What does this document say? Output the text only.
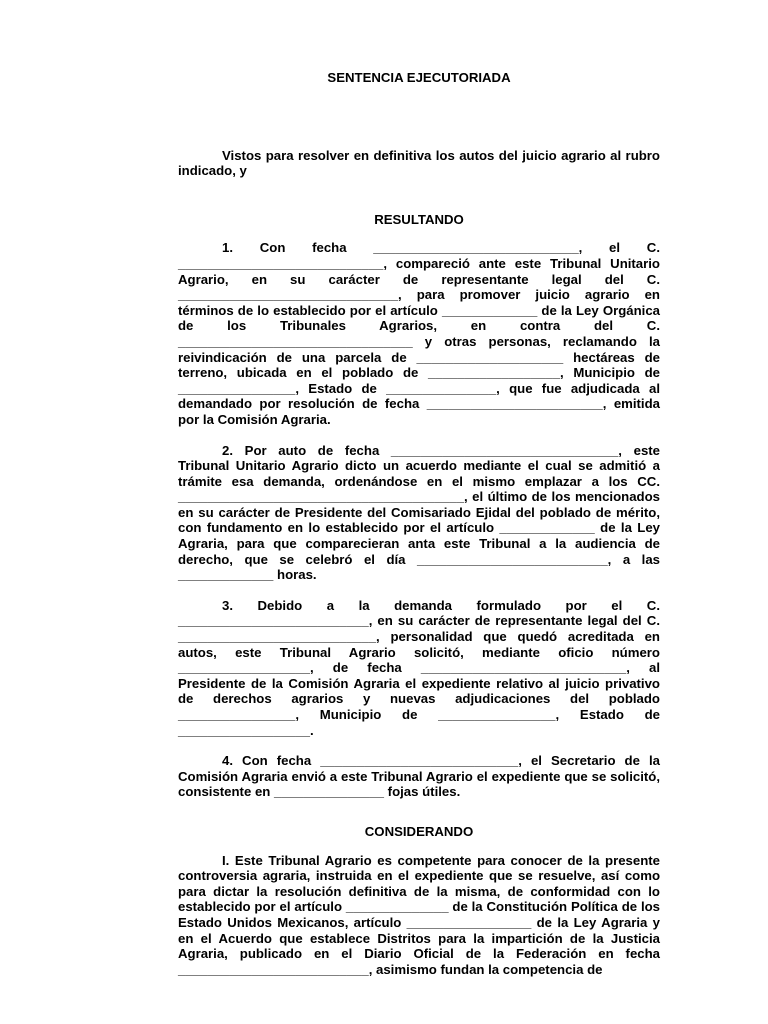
SENTENCIA EJECUTORIADA

Vistos para resolver en definitiva los autos del juicio agrario al rubro indicado, y

RESULTANDO

1. Con fecha ____________________________, el C. ____________________________, compareció ante este Tribunal Unitario Agrario, en su carácter de representante legal del C. ______________________________, para promover juicio agrario en términos de lo establecido por el artículo _____________ de la Ley Orgánica de los Tribunales Agrarios, en contra del C. ________________________________ y otras personas, reclamando la reivindicación de una parcela de ____________________ hectáreas de terreno, ubicada en el poblado de __________________, Municipio de ________________, Estado de _______________, que fue adjudicada al demandado por resolución de fecha ________________________, emitida por la Comisión Agraria.

2. Por auto de fecha _______________________________, este Tribunal Unitario Agrario dicto un acuerdo mediante el cual se admitió a trámite esa demanda, ordenándose en el mismo emplazar a los CC. _______________________________________, el último de los mencionados en su carácter de Presidente del Comisariado Ejidal del poblado de mérito, con fundamento en lo establecido por el artículo _____________ de la Ley Agraria, para que comparecieran anta este Tribunal a la audiencia de derecho, que se celebró el día __________________________, a las _____________ horas.

3. Debido a la demanda formulado por el C. __________________________, en su carácter de representante legal del C. ___________________________, personalidad que quedó acreditada en autos, este Tribunal Agrario solicitó, mediante oficio número __________________, de fecha ____________________________, al Presidente de la Comisión Agraria el expediente relativo al juicio privativo de derechos agrarios y nuevas adjudicaciones del poblado ________________, Municipio de ________________, Estado de __________________.

4. Con fecha ___________________________, el Secretario de la Comisión Agraria envió a este Tribunal Agrario el expediente que se solicitó, consistente en _______________ fojas útiles.

CONSIDERANDO

I. Este Tribunal Agrario es competente para conocer de la presente controversia agraria, instruida en el expediente que se resuelve, así como para dictar la resolución definitiva de la misma, de conformidad con lo establecido por el artículo ______________ de la Constitución Política de los Estado Unidos Mexicanos, artículo _________________ de la Ley Agraria y en el Acuerdo que establece Distritos para la impartición de la Justicia Agraria, publicado en el Diario Oficial de la Federación en fecha __________________________, asimismo fundan la competencia de
